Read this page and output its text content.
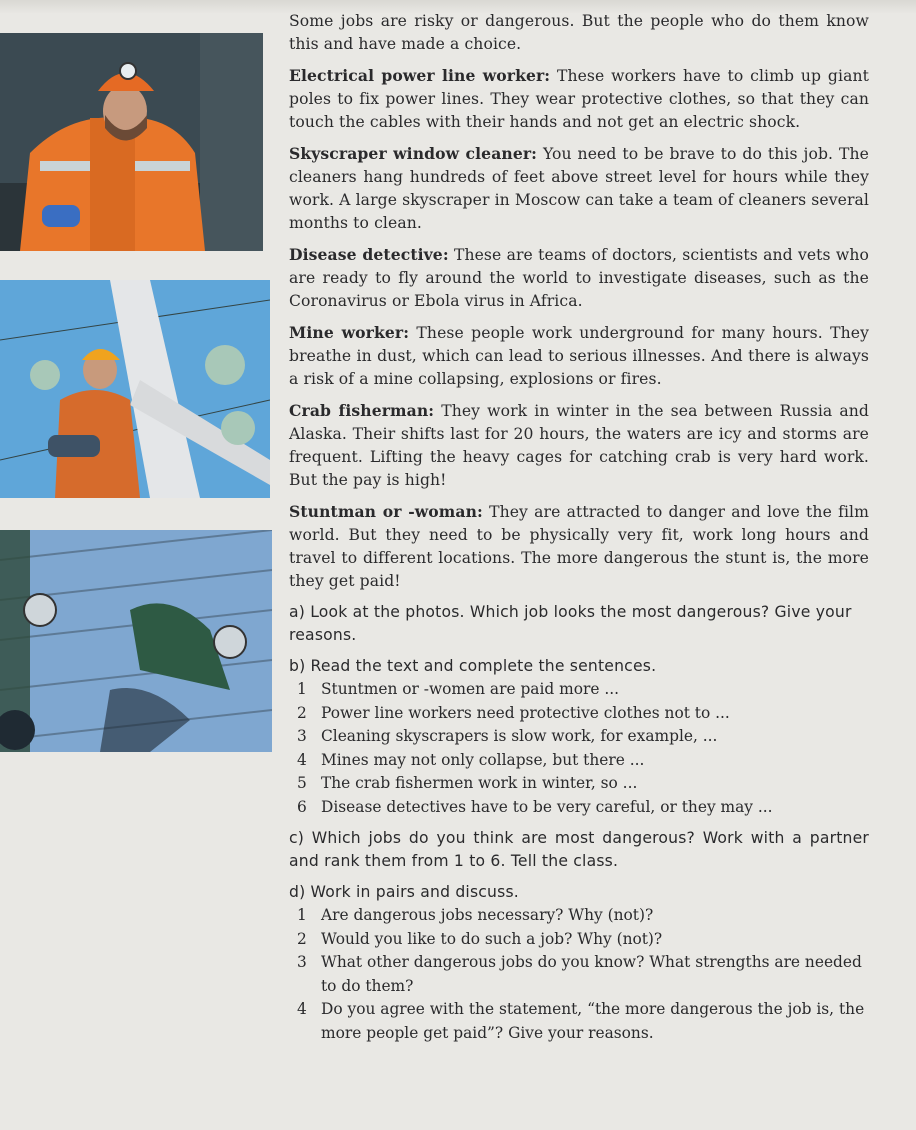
Some jobs are risky or dangerous. But the people who do them know this and have made a choice.

Electrical power line worker: These workers have to climb up giant poles to fix power lines. They wear protective clothes, so that they can touch the cables with their hands and not get an electric shock.

Skyscraper window cleaner: You need to be brave to do this job. The cleaners hang hundreds of feet above street level for hours while they work. A large skyscraper in Moscow can take a team of cleaners several months to clean.

Disease detective: These are teams of doctors, scientists and vets who are ready to fly around the world to investigate diseases, such as the Coronavirus or Ebola virus in Africa.

Mine worker: These people work underground for many hours. They breathe in dust, which can lead to serious illnesses. And there is always a risk of a mine collapsing, explosions or fires.

Crab fisherman: They work in winter in the sea between Russia and Alaska. Their shifts last for 20 hours, the waters are icy and storms are frequent. Lifting the heavy cages for catching crab is very hard work. But the pay is high!

Stuntman or -woman: They are attracted to danger and love the film world. But they need to be physically very fit, work long hours and travel to different locations. The more dangerous the stunt is, the more they get paid!

a) Look at the photos. Which job looks the most dangerous? Give your reasons.

b) Read the text and complete the sentences.

1 Stuntmen or -women are paid more ...
2 Power line workers need protective clothes not to ...
3 Cleaning skyscrapers is slow work, for example, ...
4 Mines may not only collapse, but there ...
5 The crab fishermen work in winter, so ...
6 Disease detectives have to be very careful, or they may ...

c) Which jobs do you think are most dangerous? Work with a partner and rank them from 1 to 6. Tell the class.

d) Work in pairs and discuss.

1 Are dangerous jobs necessary? Why (not)?
2 Would you like to do such a job? Why (not)?
3 What other dangerous jobs do you know? What strengths are needed to do them?
4 Do you agree with the statement, “the more dangerous the job is, the more people get paid”? Give your reasons.
